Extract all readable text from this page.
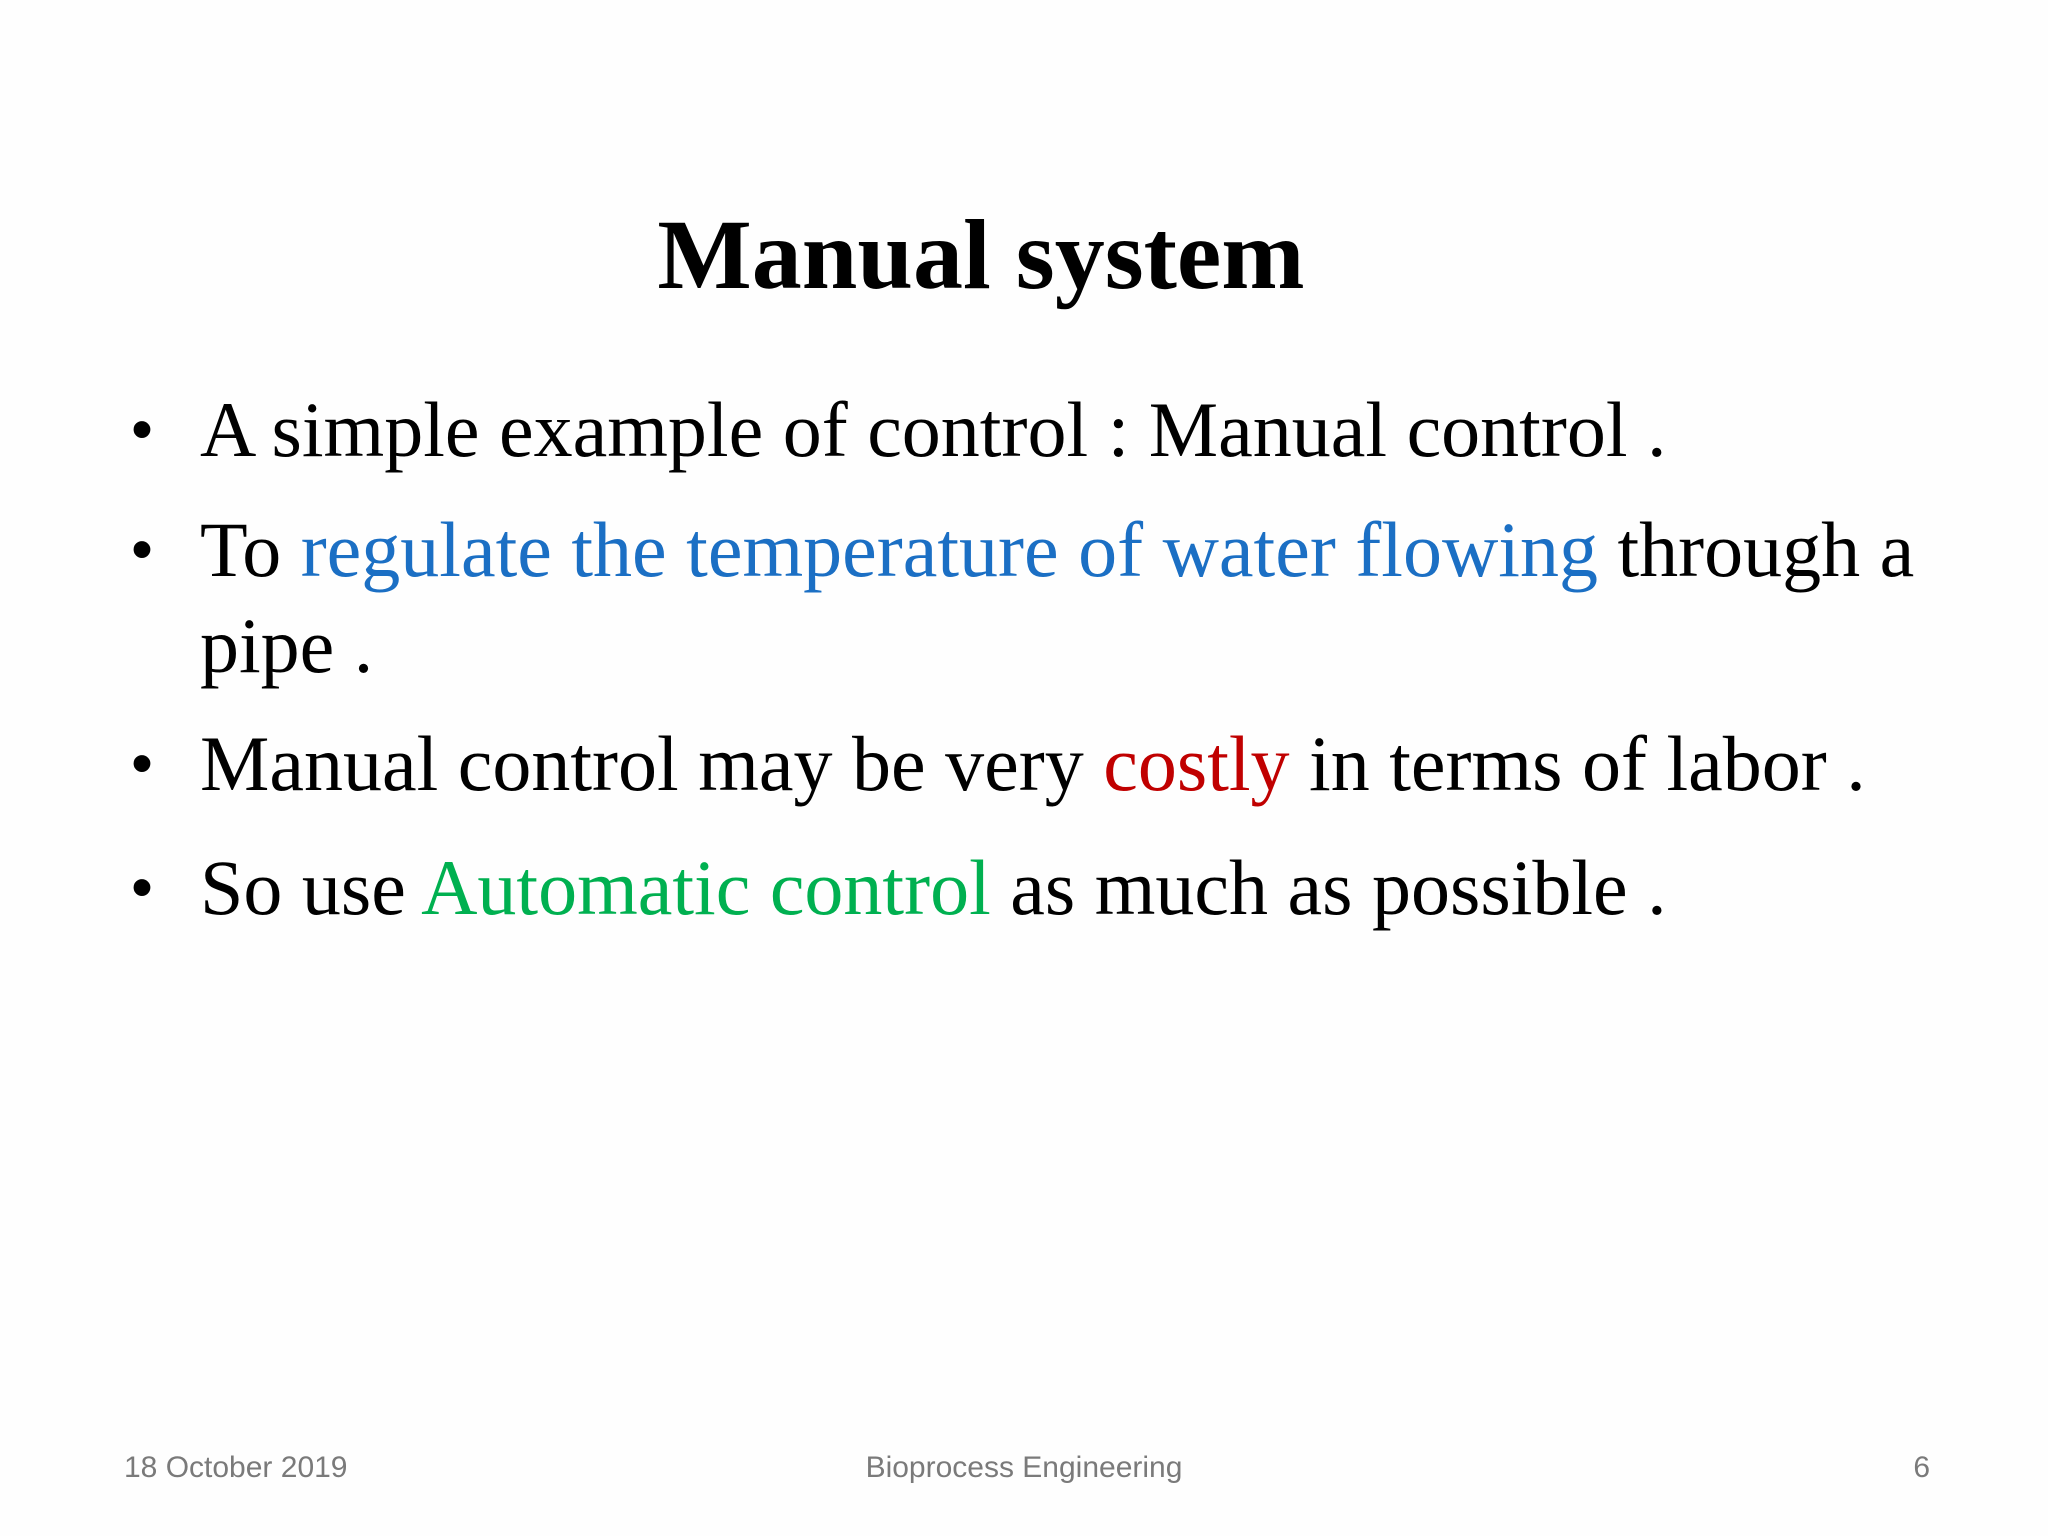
Manual system
• A simple example of control : Manual control .
• To regulate the temperature of water flowing through a pipe .
• Manual control may be very costly in terms of labor .
• So use Automatic control as much as possible .
18 October 2019	Bioprocess Engineering	6
